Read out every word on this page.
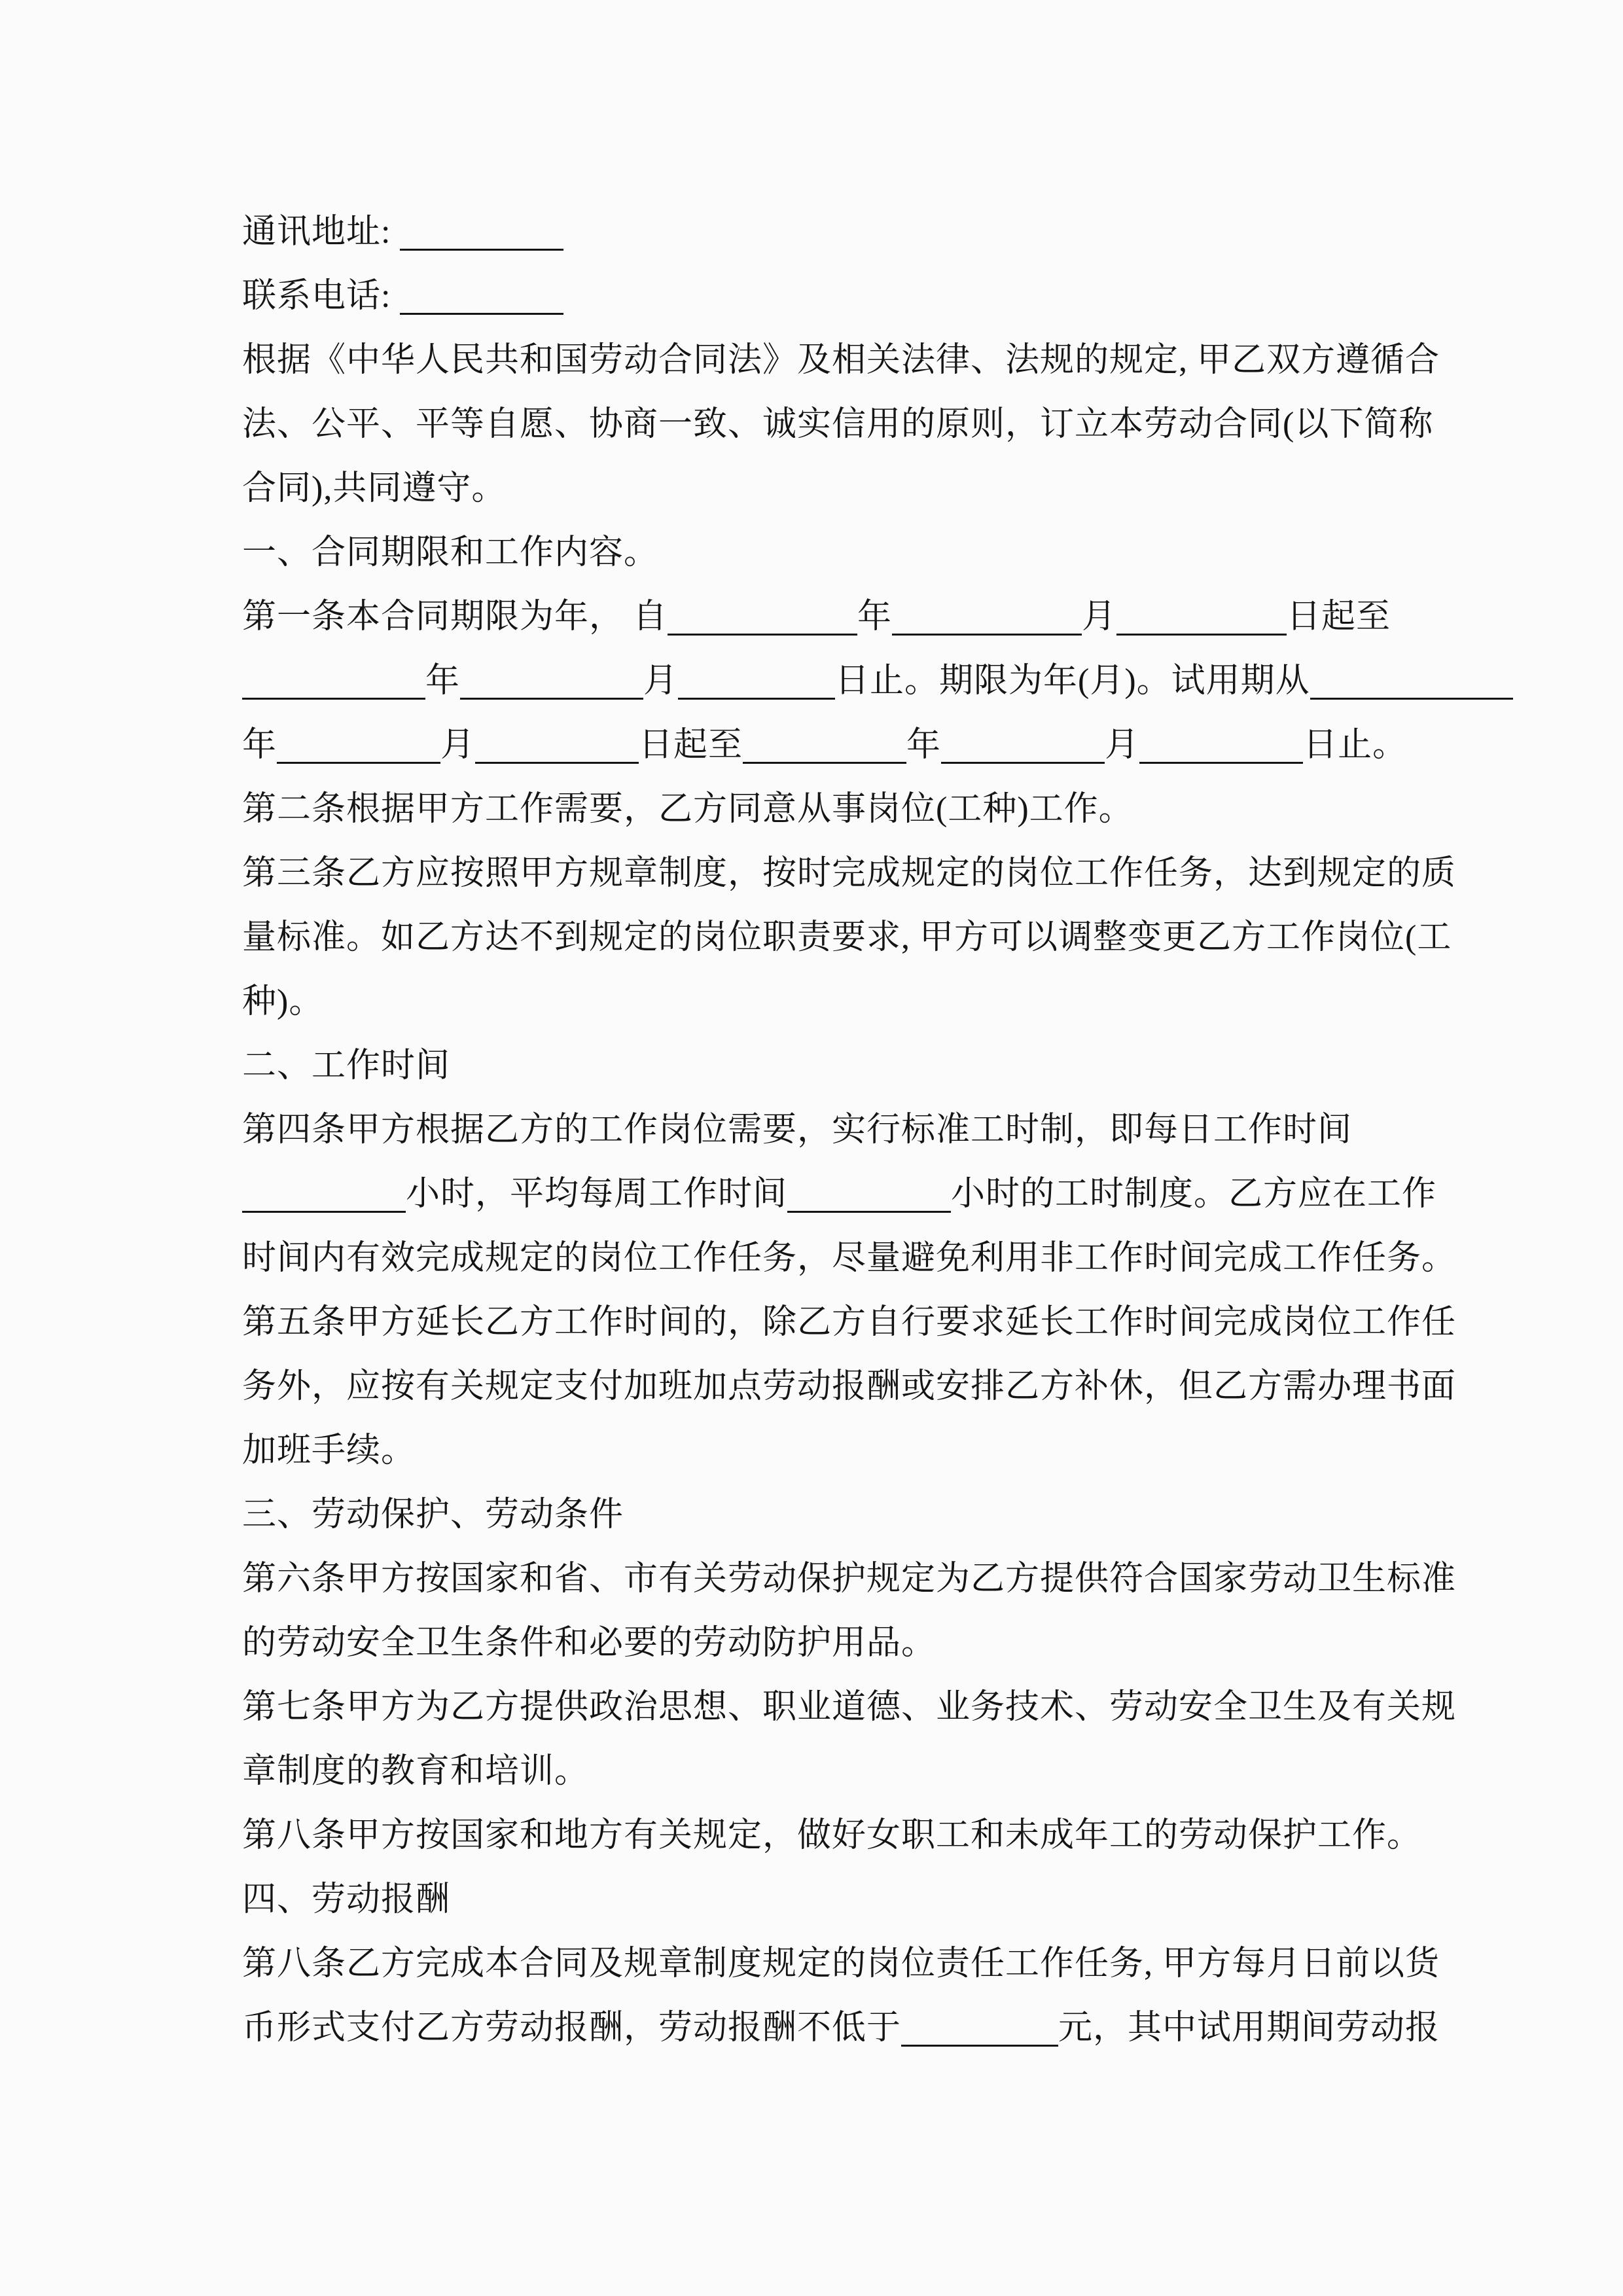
通讯地址:
联系电话:
根据《中华人民共和国劳动合同法》及相关法律、法规的规定, 甲乙双方遵循合
法、公平、平等自愿、协商一致、诚实信用的原则，订立本劳动合同(以下简称
合同),共同遵守。
一、合同期限和工作内容。
第一条本合同期限为年， 自	年	月	日起至
年	月	日止。期限为年(月)。试用期从
年	月	日起至	年	月	日止。
第二条根据甲方工作需要，乙方同意从事岗位(工种)工作。
第三条乙方应按照甲方规章制度，按时完成规定的岗位工作任务，达到规定的质
量标准。如乙方达不到规定的岗位职责要求, 甲方可以调整变更乙方工作岗位(工
种)。
二、工作时间
第四条甲方根据乙方的工作岗位需要，实行标准工时制，即每日工作时间
小时，平均每周工作时间	小时的工时制度。乙方应在工作
时间内有效完成规定的岗位工作任务，尽量避免利用非工作时间完成工作任务。
第五条甲方延长乙方工作时间的，除乙方自行要求延长工作时间完成岗位工作任
务外，应按有关规定支付加班加点劳动报酬或安排乙方补休，但乙方需办理书面
加班手续。
三、劳动保护、劳动条件
第六条甲方按国家和省、市有关劳动保护规定为乙方提供符合国家劳动卫生标准
的劳动安全卫生条件和必要的劳动防护用品。
第七条甲方为乙方提供政治思想、职业道德、业务技术、劳动安全卫生及有关规
章制度的教育和培训。
第八条甲方按国家和地方有关规定，做好女职工和未成年工的劳动保护工作。
四、劳动报酬
第八条乙方完成本合同及规章制度规定的岗位责任工作任务, 甲方每月日前以货
币形式支付乙方劳动报酬，劳动报酬不低于	元，其中试用期间劳动报
